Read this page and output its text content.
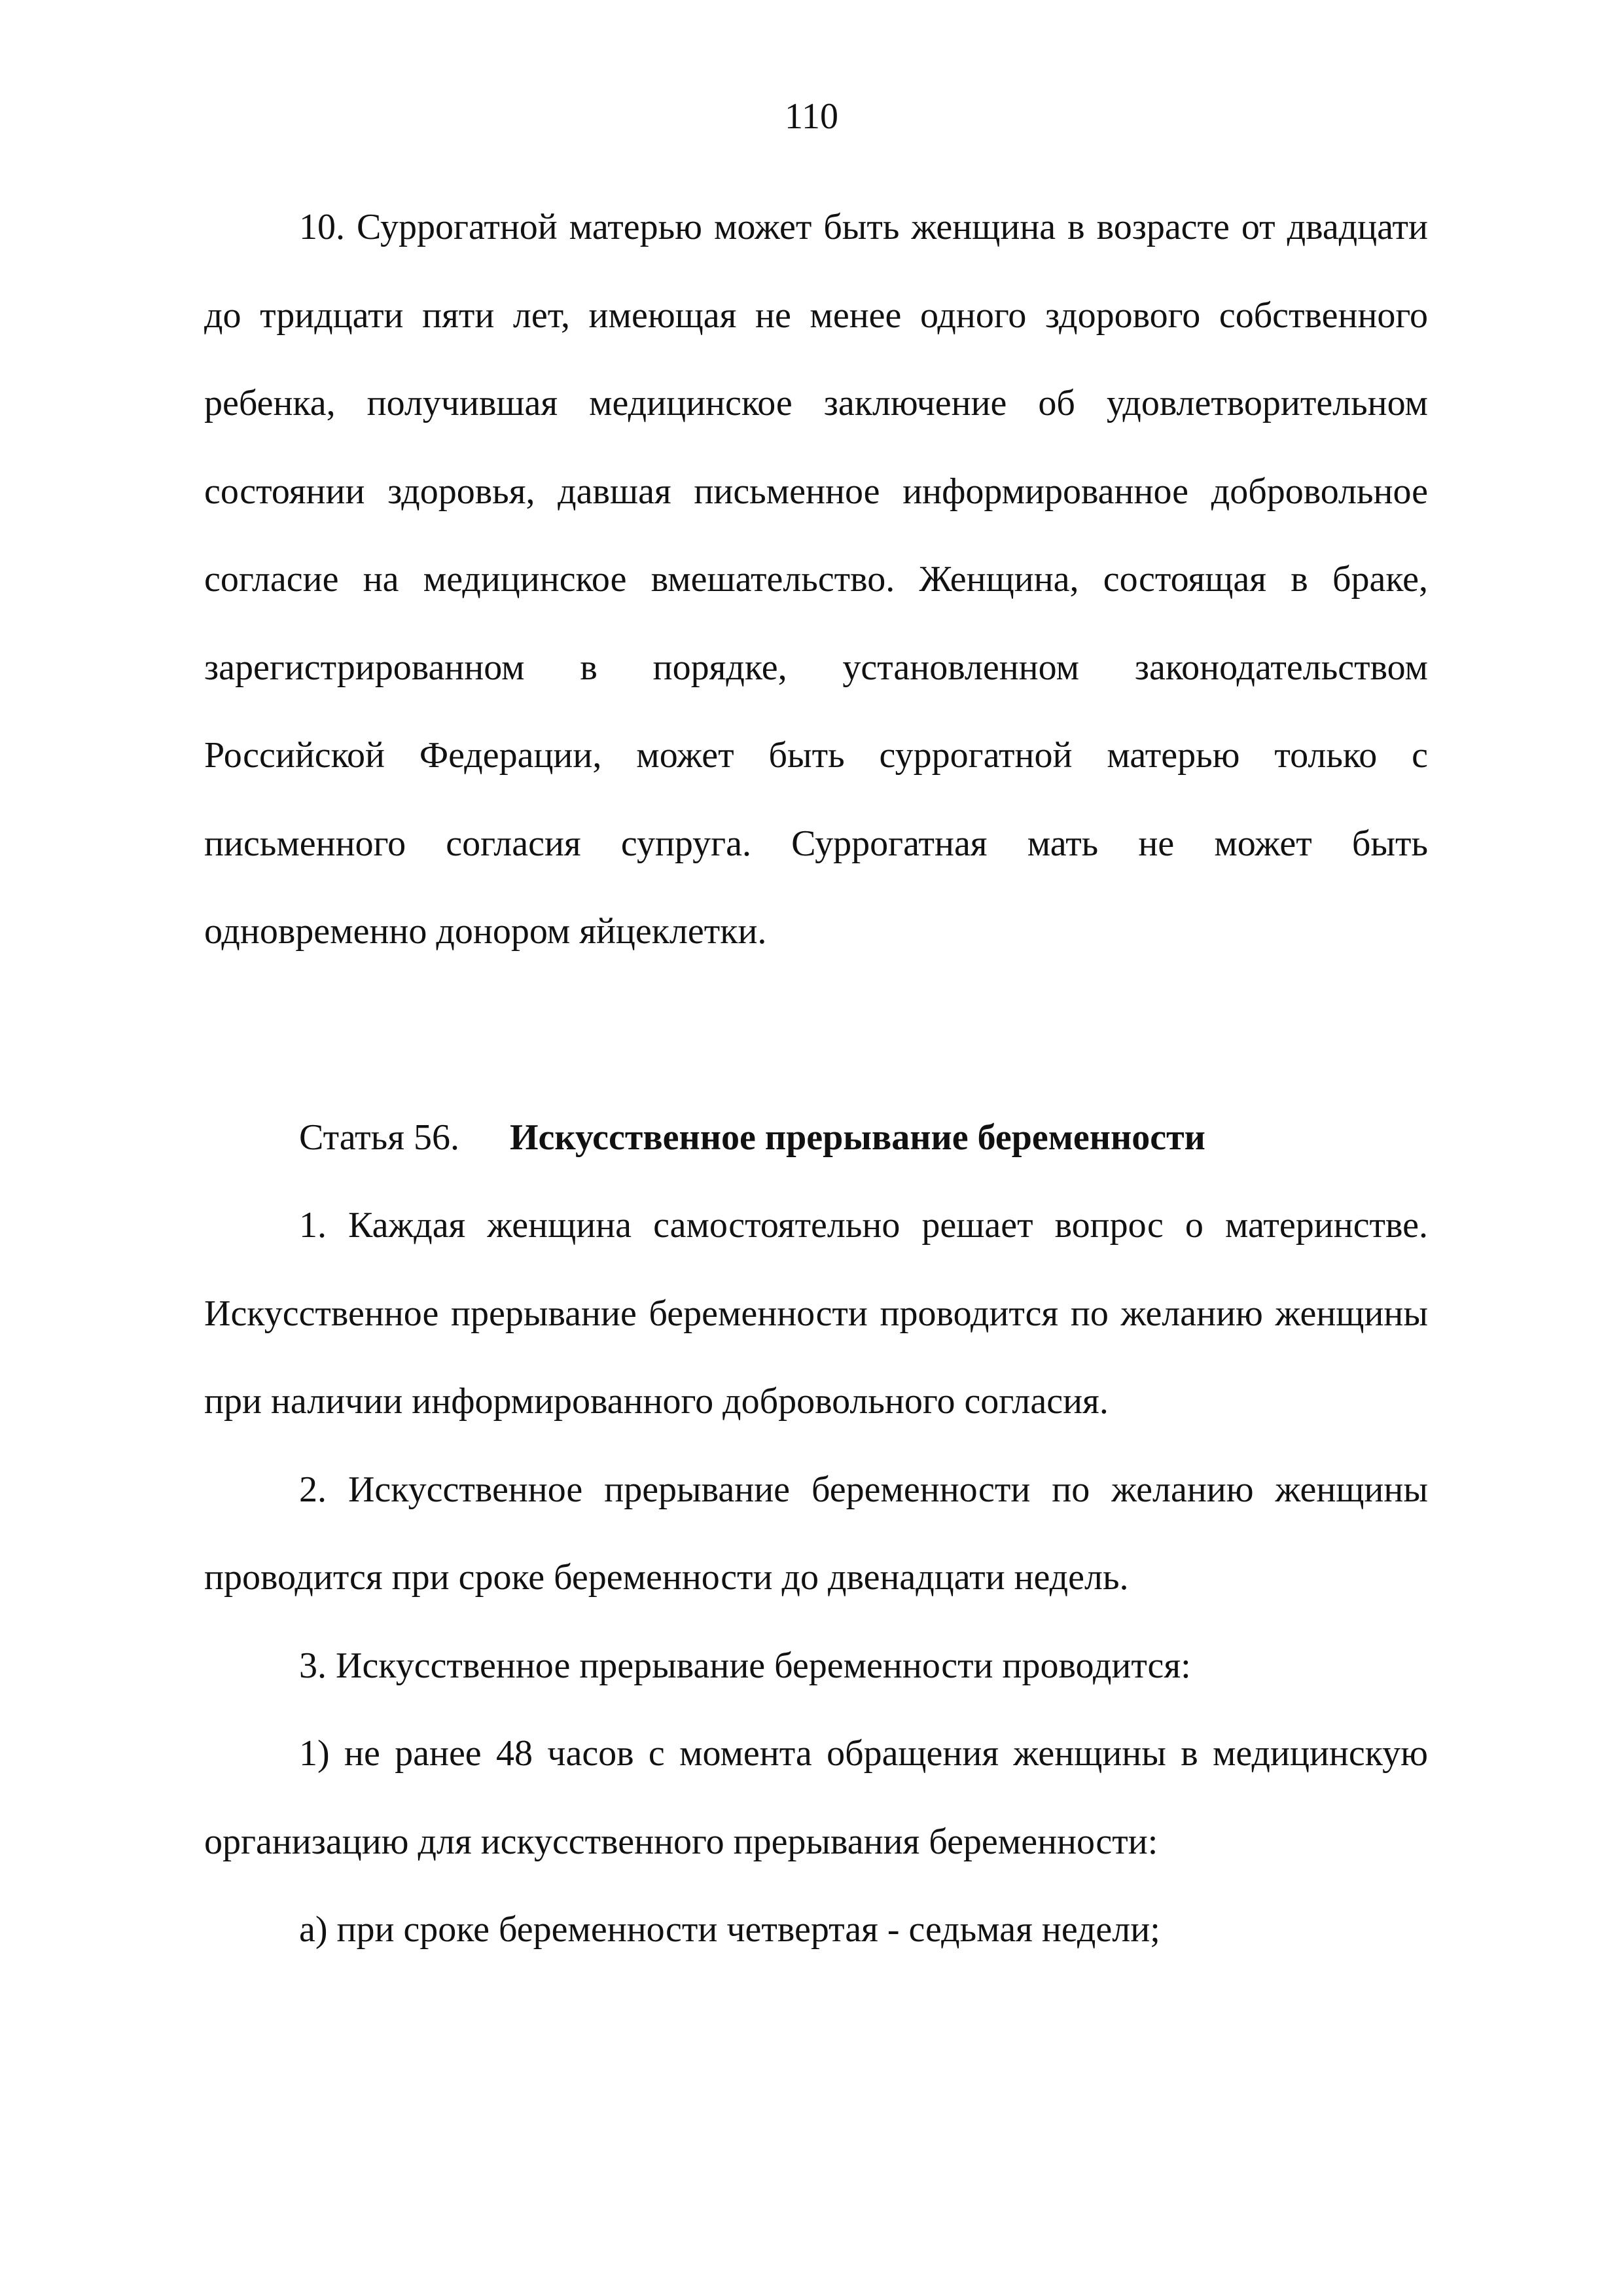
110

10. Суррогатной матерью может быть женщина в возрасте от двадцати до тридцати пяти лет, имеющая не менее одного здорового собственного ребенка, получившая медицинское заключение об удовлетворительном состоянии здоровья, давшая письменное информированное добровольное согласие на медицинское вмешательство. Женщина, состоящая в браке, зарегистрированном в порядке, установленном законодательством Российской Федерации, может быть суррогатной матерью только с письменного согласия супруга. Суррогатная мать не может быть одновременно донором яйцеклетки.

Статья 56. Искусственное прерывание беременности

1. Каждая женщина самостоятельно решает вопрос о материнстве. Искусственное прерывание беременности проводится по желанию женщины при наличии информированного добровольного согласия.

2. Искусственное прерывание беременности по желанию женщины проводится при сроке беременности до двенадцати недель.

3. Искусственное прерывание беременности проводится:

1) не ранее 48 часов с момента обращения женщины в медицинскую организацию для искусственного прерывания беременности:

а) при сроке беременности четвертая - седьмая недели;
